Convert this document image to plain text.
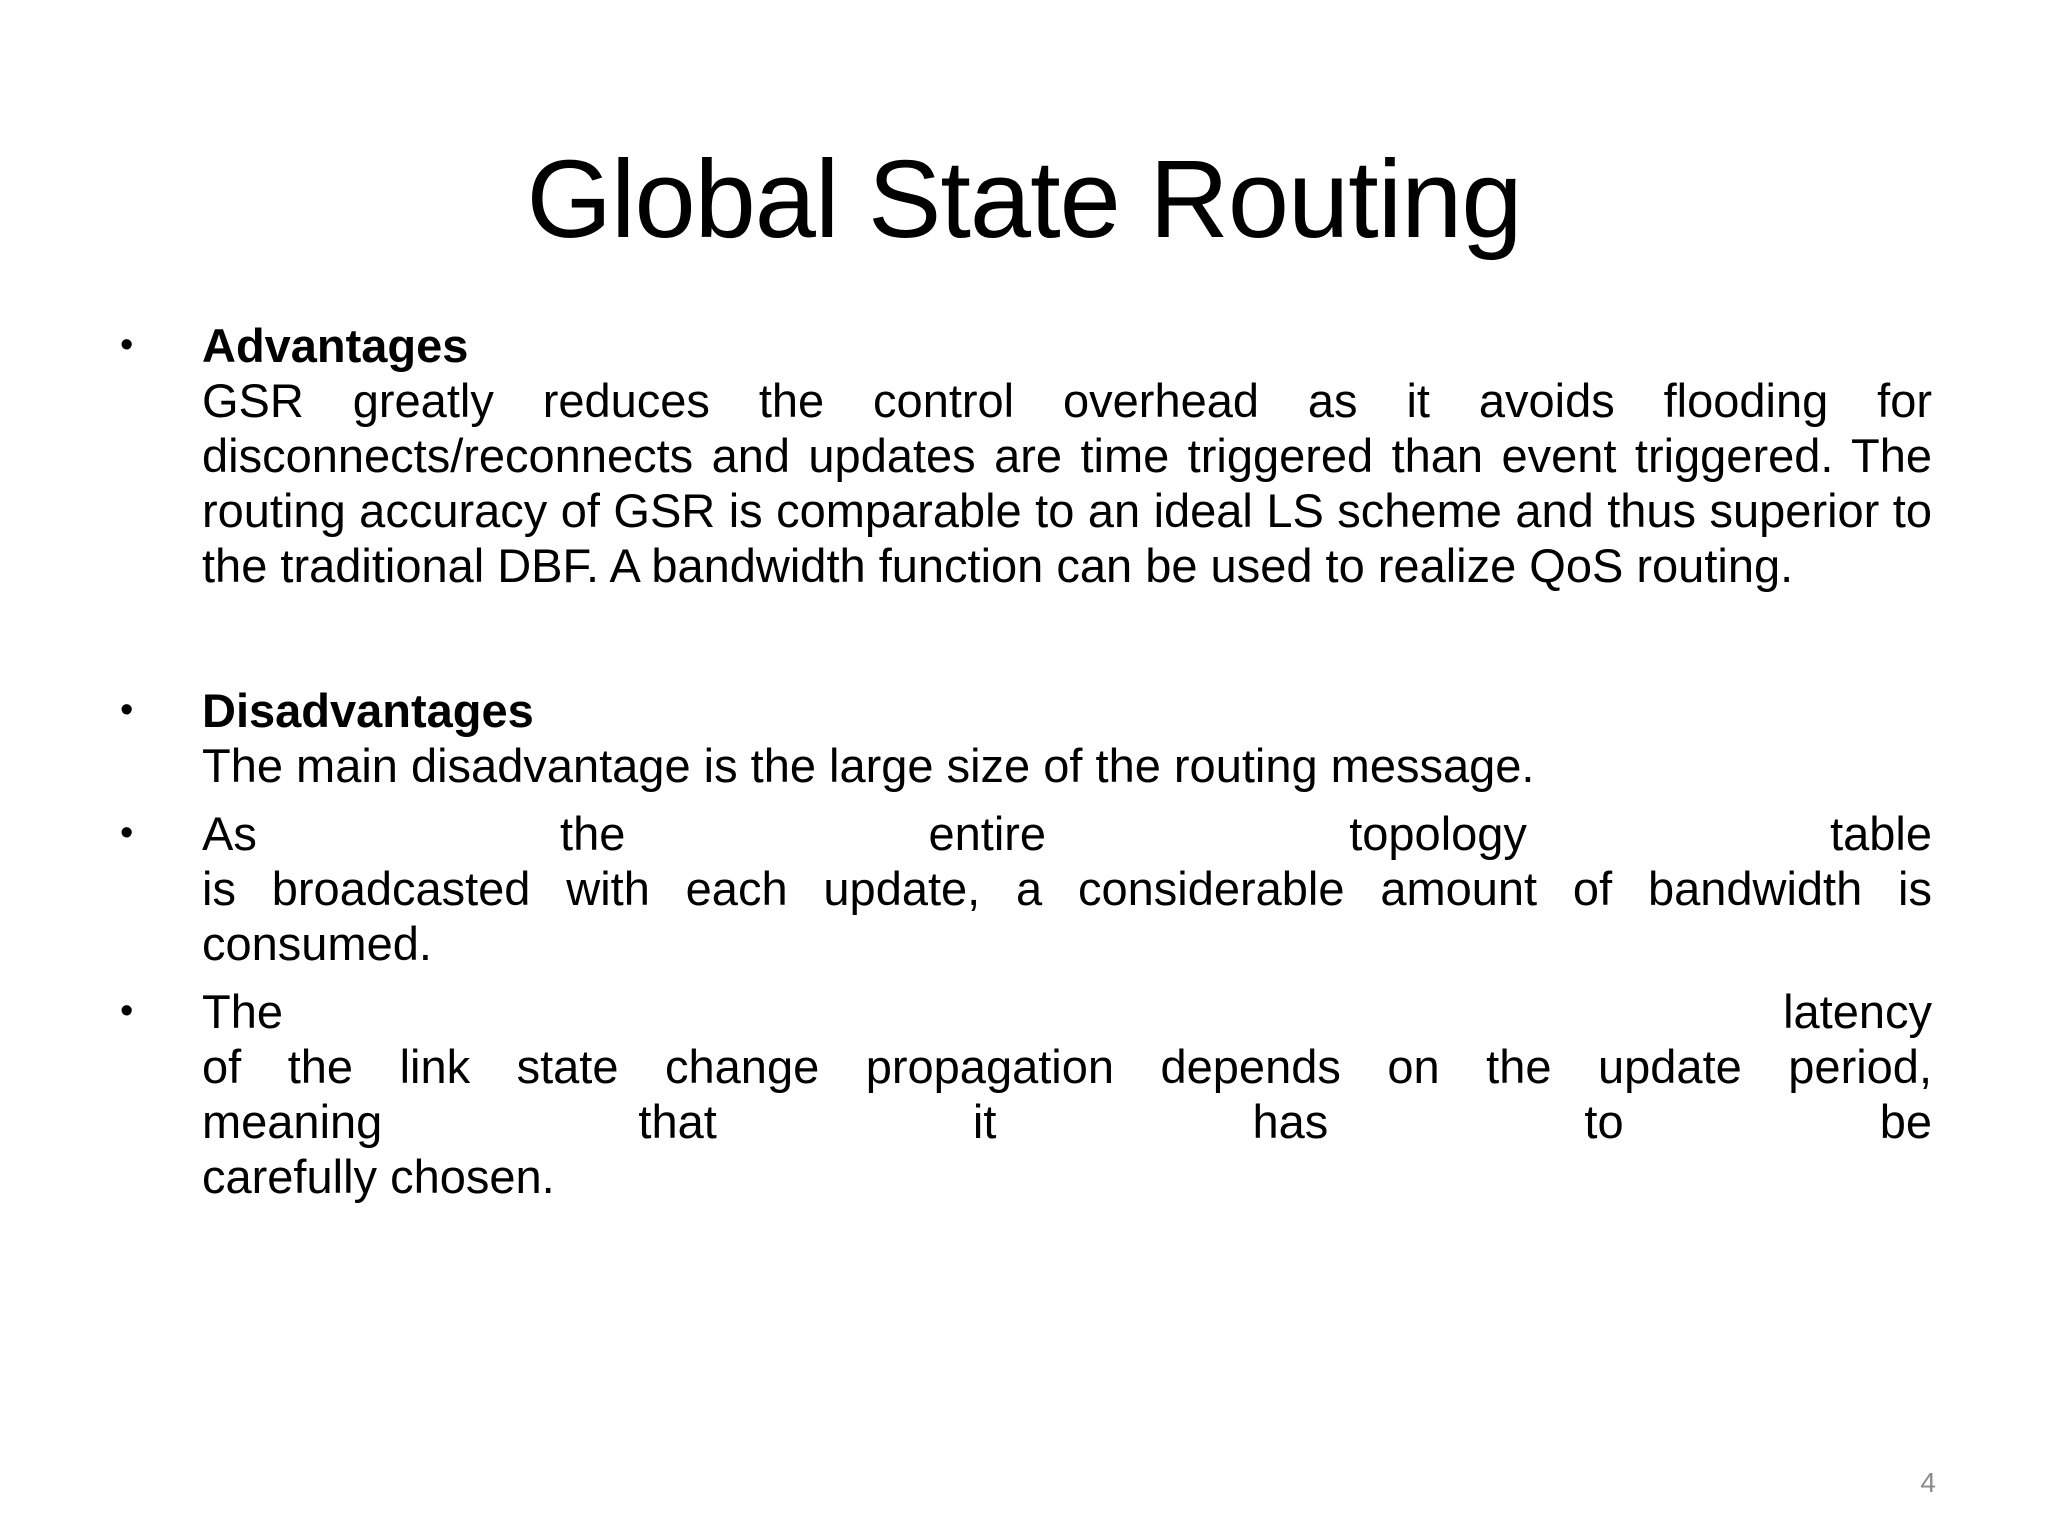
Global State Routing
•	Advantages
GSR greatly reduces the control overhead as it avoids flooding for disconnects/reconnects and updates are time triggered than event triggered. The routing accuracy of GSR is comparable to an ideal LS scheme and thus superior to the traditional DBF. A bandwidth function can be used to realize QoS routing.
•	Disadvantages
The main disadvantage is the large size of the routing message.
•	As the entire topology table
is broadcasted with each update, a considerable amount of bandwidth is consumed.
•	The latency
of the link state change propagation depends on the update period,
meaning that it has to be
carefully chosen.
4
